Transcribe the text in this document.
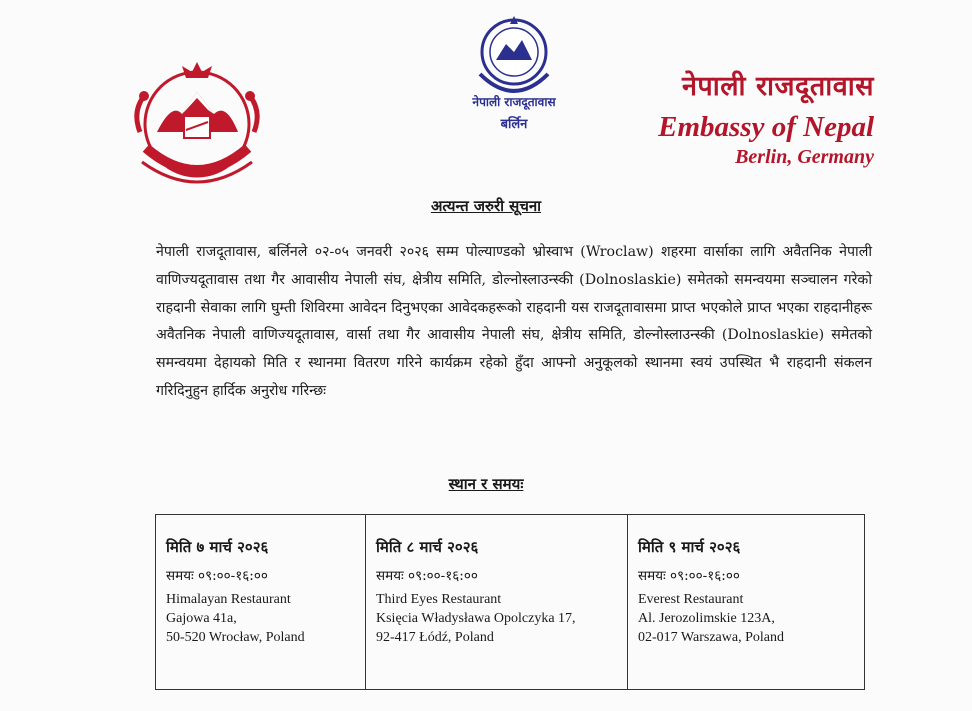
नेपाली राजदूतावास
बर्लिन
नेपाली राजदूतावास
Embassy of Nepal
Berlin, Germany
अत्यन्त जरुरी सूचना
नेपाली राजदूतावास, बर्लिनले ०२-०५ जनवरी २०२६ सम्म पोल्याण्डको भ्रोस्वाभ (Wroclaw) शहरमा वार्साका लागि अवैतनिक नेपाली वाणिज्यदूतावास तथा गैर आवासीय नेपाली संघ, क्षेत्रीय समिति, डोल्नोस्लाउन्स्की (Dolnoslaskie) समेतको समन्वयमा सञ्चालन गरेको राहदानी सेवाका लागि घुम्ती शिविरमा आवेदन दिनुभएका आवेदकहरूको राहदानी यस राजदूतावासमा प्राप्त भएकोले प्राप्त भएका राहदानीहरू अवैतनिक नेपाली वाणिज्यदूतावास, वार्सा तथा गैर आवासीय नेपाली संघ, क्षेत्रीय समिति, डोल्नोस्लाउन्स्की (Dolnoslaskie) समेतको समन्वयमा देहायको मिति र स्थानमा वितरण गरिने कार्यक्रम रहेको हुँदा आफ्नो अनुकूलको स्थानमा स्वयं उपस्थित भै राहदानी संकलन गरिदिनुहुन हार्दिक अनुरोध गरिन्छः
स्थान र समयः
मिति ७ मार्च २०२६
समयः ०९:००-१६:००
Himalayan Restaurant
Gajowa 41a,
50-520 Wrocław, Poland
मिति ८ मार्च २०२६
समयः ०९:००-१६:००
Third Eyes Restaurant
Księcia Władysława Opolczyka 17,
92-417 Łódź, Poland
मिति ९ मार्च २०२६
समयः ०९:००-१६:००
Everest Restaurant
Al. Jerozolimskie 123A,
02-017 Warszawa, Poland
